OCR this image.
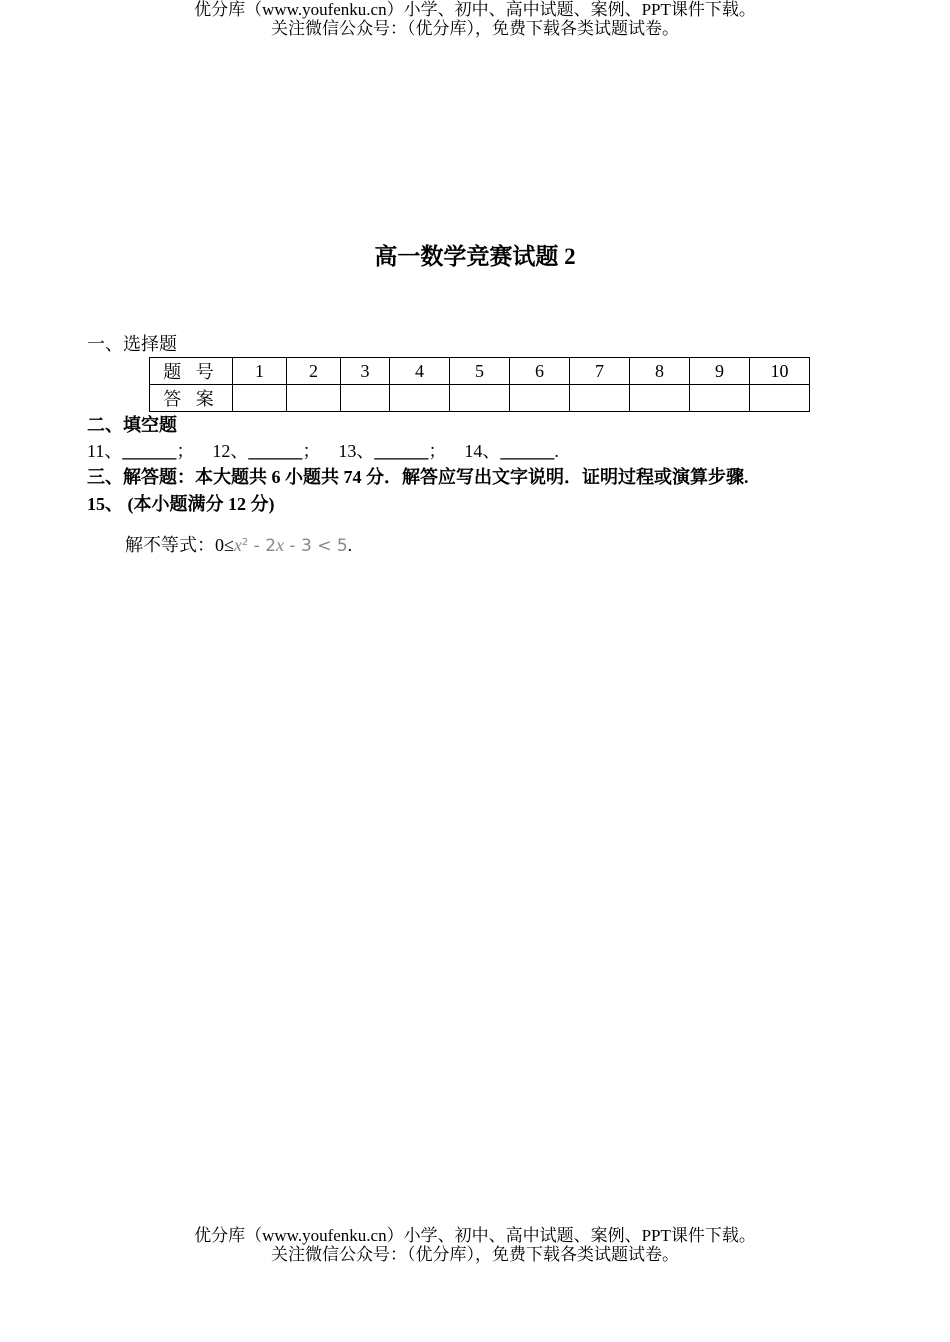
优分库（www.youfenku.cn）小学、初中、高中试题、案例、PPT课件下载。
关注微信公众号：（优分库），免费下载各类试题试卷。
高一数学竞赛试题 2
一、选择题
题 号	1	2	3	4	5	6	7	8	9	10
答 案										
二、填空题
11、______； 12、______； 13、______； 14、______.
三、解答题：本大题共 6 小题共 74 分．解答应写出文字说明．证明过程或演算步骤.
15、 (本小题满分 12 分)
解不等式：$0\le x^2 - 2x - 3 < 5$.
优分库（www.youfenku.cn）小学、初中、高中试题、案例、PPT课件下载。
关注微信公众号：（优分库），免费下载各类试题试卷。
